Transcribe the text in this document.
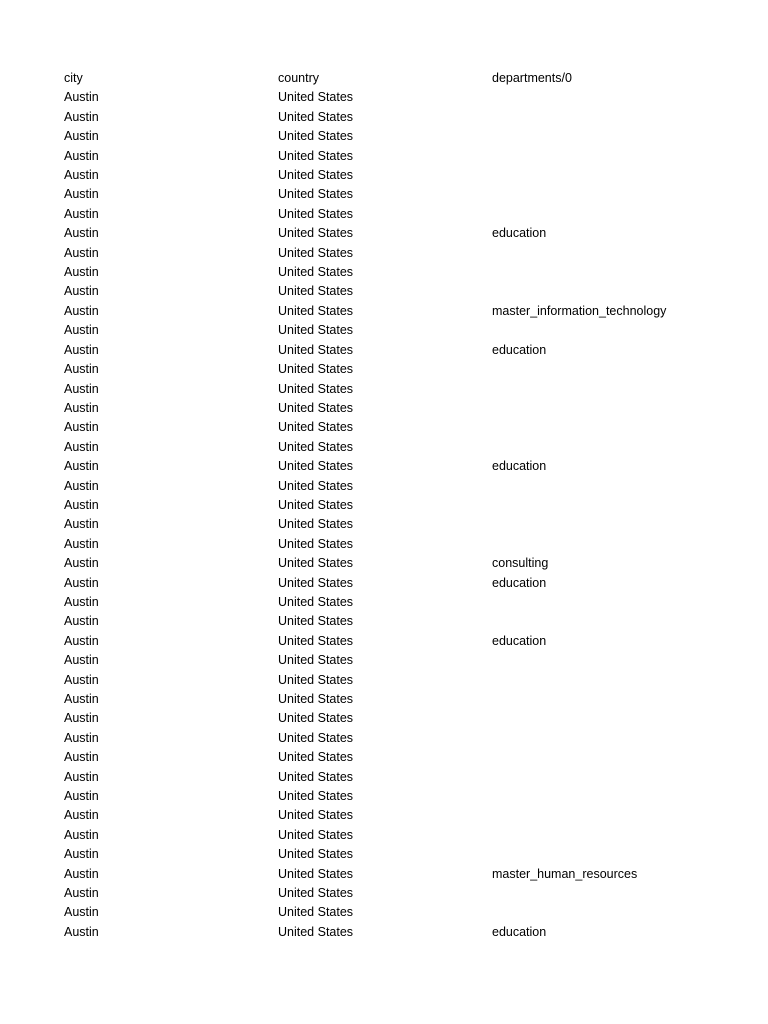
city	country	departments/0
Austin	United States
Austin	United States
Austin	United States
Austin	United States
Austin	United States
Austin	United States
Austin	United States
Austin	United States	education
Austin	United States
Austin	United States
Austin	United States
Austin	United States	master_information_technology
Austin	United States
Austin	United States	education
Austin	United States
Austin	United States
Austin	United States
Austin	United States
Austin	United States
Austin	United States	education
Austin	United States
Austin	United States
Austin	United States
Austin	United States
Austin	United States	consulting
Austin	United States	education
Austin	United States
Austin	United States
Austin	United States	education
Austin	United States
Austin	United States
Austin	United States
Austin	United States
Austin	United States
Austin	United States
Austin	United States
Austin	United States
Austin	United States
Austin	United States
Austin	United States
Austin	United States	master_human_resources
Austin	United States
Austin	United States
Austin	United States	education
